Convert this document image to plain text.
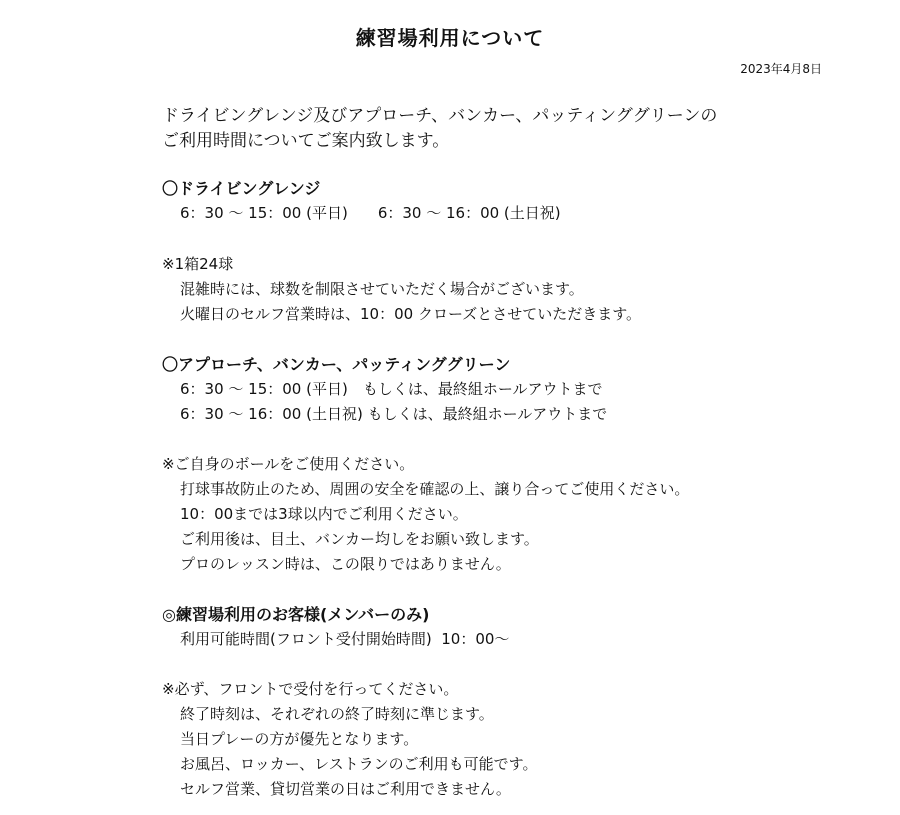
練習場利用について
2023年4月8日
ドライビングレンジ及びアプローチ、バンカー、パッティンググリーンの
ご利用時間についてご案内致します。
〇ドライビングレンジ
6：30 ～ 15：00 (平日)　　6：30 ～ 16：00 (土日祝)
※1箱24球
混雑時には、球数を制限させていただく場合がございます。
火曜日のセルフ営業時は、10：00 クローズとさせていただきます。
〇アプローチ、バンカー、パッティンググリーン
6：30 ～ 15：00 (平日)　もしくは、最終組ホールアウトまで
6：30 ～ 16：00 (土日祝) もしくは、最終組ホールアウトまで
※ご自身のボールをご使用ください。
打球事故防止のため、周囲の安全を確認の上、譲り合ってご使用ください。
10：00までは3球以内でご利用ください。
ご利用後は、目土、バンカー均しをお願い致します。
プロのレッスン時は、この限りではありません。
◎練習場利用のお客様(メンバーのみ)
利用可能時間(フロント受付開始時間)  10：00～
※必ず、フロントで受付を行ってください。
終了時刻は、それぞれの終了時刻に準じます。
当日プレーの方が優先となります。
お風呂、ロッカー、レストランのご利用も可能です。
セルフ営業、貸切営業の日はご利用できません。
